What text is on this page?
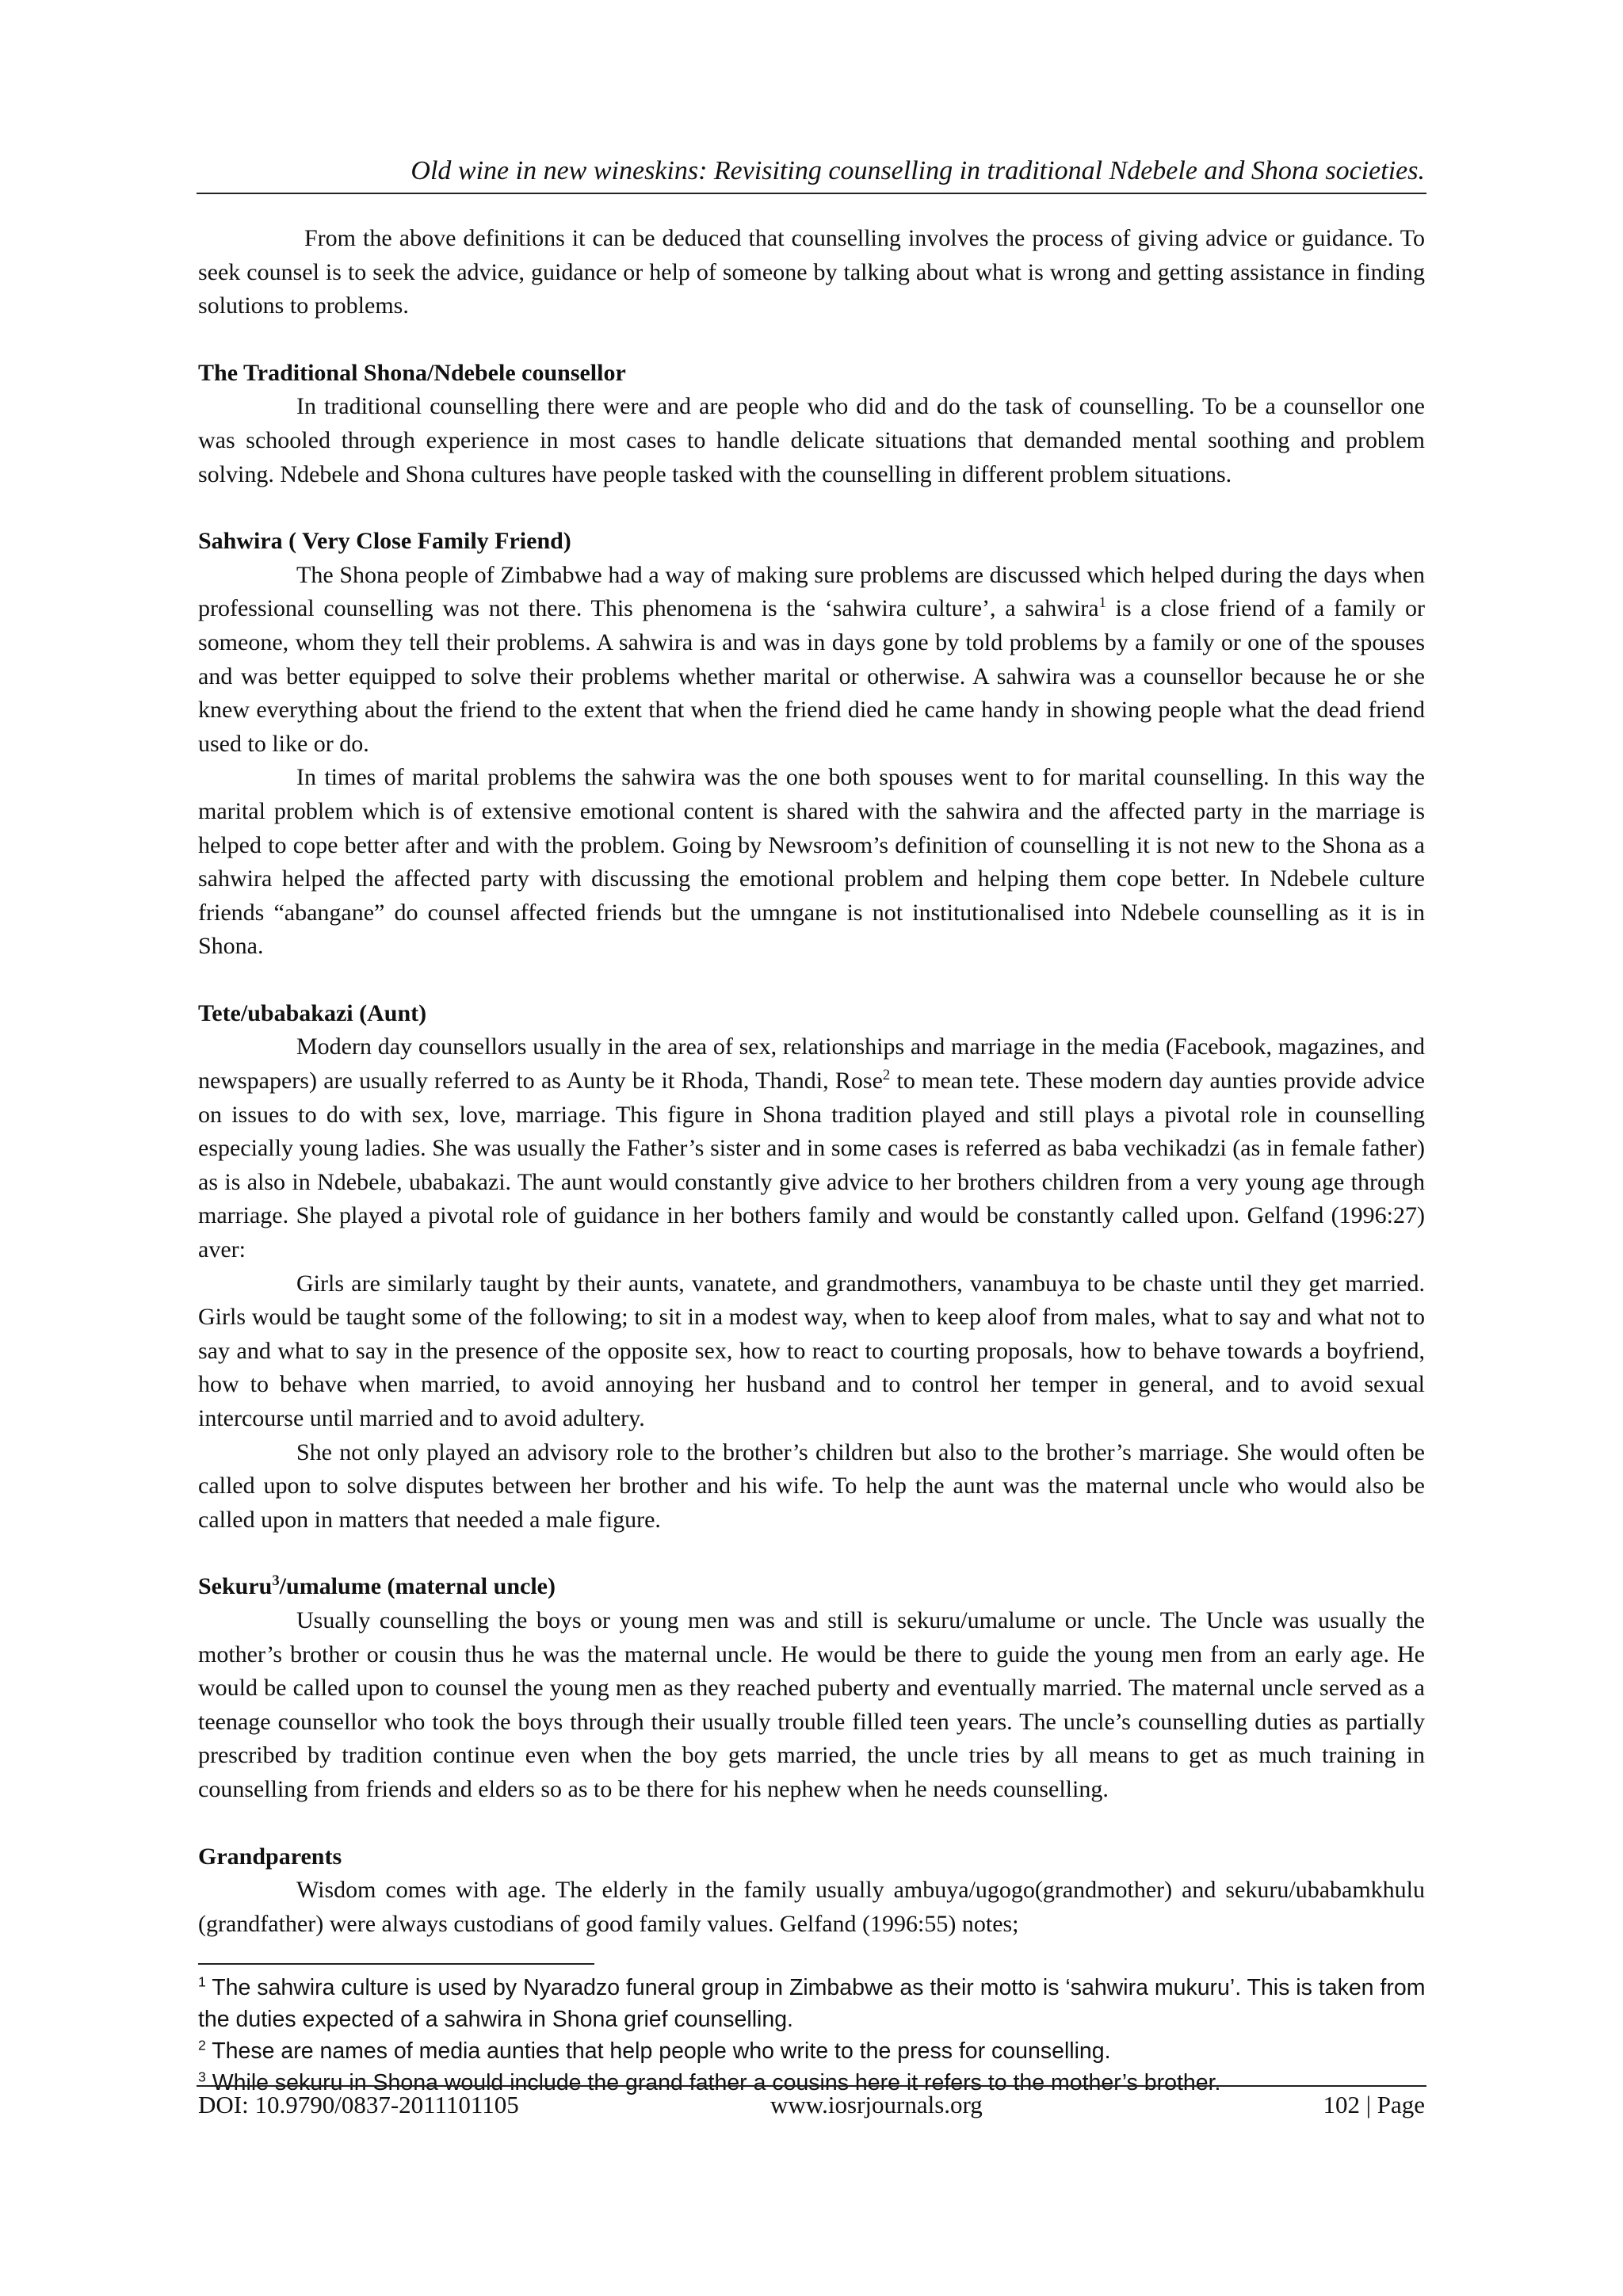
Old wine in new wineskins: Revisiting counselling in traditional Ndebele and Shona societies.

From the above definitions it can be deduced that counselling involves the process of giving advice or guidance. To seek counsel is to seek the advice, guidance or help of someone by talking about what is wrong and getting assistance in finding solutions to problems.

The Traditional Shona/Ndebele counsellor

In traditional counselling there were and are people who did and do the task of counselling. To be a counsellor one was schooled through experience in most cases to handle delicate situations that demanded mental soothing and problem solving. Ndebele and Shona cultures have people tasked with the counselling in different problem situations.

Sahwira ( Very Close Family Friend)

The Shona people of Zimbabwe had a way of making sure problems are discussed which helped during the days when professional counselling was not there. This phenomena is the ‘sahwira culture’, a sahwira$^1$ is a close friend of a family or someone, whom they tell their problems. A sahwira is and was in days gone by told problems by a family or one of the spouses and was better equipped to solve their problems whether marital or otherwise. A sahwira was a counsellor because he or she knew everything about the friend to the extent that when the friend died he came handy in showing people what the dead friend used to like or do.

In times of marital problems the sahwira was the one both spouses went to for marital counselling. In this way the marital problem which is of extensive emotional content is shared with the sahwira and the affected party in the marriage is helped to cope better after and with the problem. Going by Newsroom’s definition of counselling it is not new to the Shona as a sahwira helped the affected party with discussing the emotional problem and helping them cope better. In Ndebele culture friends “abangane” do counsel affected friends but the umngane is not institutionalised into Ndebele counselling as it is in Shona.

Tete/ubabakazi (Aunt)

Modern day counsellors usually in the area of sex, relationships and marriage in the media (Facebook, magazines, and newspapers) are usually referred to as Aunty be it Rhoda, Thandi, Rose$^2$ to mean tete. These modern day aunties provide advice on issues to do with sex, love, marriage. This figure in Shona tradition played and still plays a pivotal role in counselling especially young ladies. She was usually the Father’s sister and in some cases is referred as baba vechikadzi (as in female father) as is also in Ndebele, ubabakazi. The aunt would constantly give advice to her brothers children from a very young age through marriage. She played a pivotal role of guidance in her bothers family and would be constantly called upon. Gelfand (1996:27) aver:

Girls are similarly taught by their aunts, vanatete, and grandmothers, vanambuya to be chaste until they get married. Girls would be taught some of the following; to sit in a modest way, when to keep aloof from males, what to say and what not to say and what to say in the presence of the opposite sex, how to react to courting proposals, how to behave towards a boyfriend, how to behave when married, to avoid annoying her husband and to control her temper in general, and to avoid sexual intercourse until married and to avoid adultery.

She not only played an advisory role to the brother’s children but also to the brother’s marriage. She would often be called upon to solve disputes between her brother and his wife. To help the aunt was the maternal uncle who would also be called upon in matters that needed a male figure.

Sekuru$^3$/umalume (maternal uncle)

Usually counselling the boys or young men was and still is sekuru/umalume or uncle. The Uncle was usually the mother’s brother or cousin thus he was the maternal uncle. He would be there to guide the young men from an early age. He would be called upon to counsel the young men as they reached puberty and eventually married. The maternal uncle served as a teenage counsellor who took the boys through their usually trouble filled teen years. The uncle’s counselling duties as partially prescribed by tradition continue even when the boy gets married, the uncle tries by all means to get as much training in counselling from friends and elders so as to be there for his nephew when he needs counselling.

Grandparents

Wisdom comes with age. The elderly in the family usually ambuya/ugogo(grandmother) and sekuru/ubabamkhulu (grandfather) were always custodians of good family values. Gelfand (1996:55) notes;

$^1$ The sahwira culture is used by Nyaradzo funeral group in Zimbabwe as their motto is ‘sahwira mukuru’. This is taken from the duties expected of a sahwira in Shona grief counselling.

$^2$ These are names of media aunties that help people who write to the press for counselling.

$^3$ While sekuru in Shona would include the grand father a cousins here it refers to the mother’s brother.

DOI: 10.9790/0837-2011101105	www.iosrjournals.org	102 | Page
